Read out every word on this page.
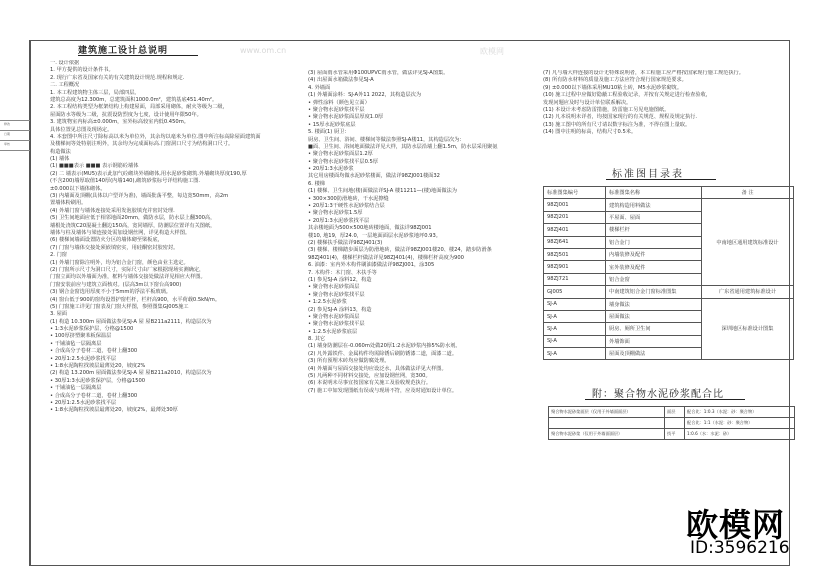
修改
日期
审核
建筑施工设计总说明	www.om.cn	欧模网
一. 设计依据
1. 甲方提供的设计条件书。
2. 现行广东省及国家有关的有关建筑设计规范.规程和规定.
二. 工程概况
1. 本工程建筑物主体三层，局部四层。
建筑总高度为12.300m，总建筑面积1000.0m²，建筑基底451.40m²。
2. 本工程结构类型为框架结构上构建屋面，局部采用砌体，耐火等级为二级，
屋面防水等级为二级，抗震设防烈度为七度，设计使用年限50年。
3. 建筑物室内标高±0.000m，室外标高较室内低0.450m。
具体位置见总图及现场定。
4. 本套图中所注尺寸除标高以米为单位外，其余均以毫米为单位.图中所注标高除屋面建筑面
及楼梯间等处特别注明外，其余均为完成面标高.门窗洞口尺寸为结构洞口尺寸。
构造做法
(1) 墙体
(1) ■■■表示 ■■■ 表示钢筋砼墙体
(2) 二 墙表示(MU5)表示此加气砼砌块外墙砌体,用水泥砂浆砌筑.外墙砌块厚度190,厚
(不含200)墙厚取值140厚(内墙140),砌筑砂浆标号详结构施工图.
±0.000以下墙体砌体。
(3) 内墙面及顶棚(具体以户型详为准)，墙面批荡平整，每边宽50mm，高2m
置墙体粉刷用。
(4) 外墙门窗与墙体连接处采用发泡胶填充并密封处理.
(5) 卫生间地面应低于相邻地面20mm，做防水层，防水层上翻300高，
墙根处浇筑C20混凝土翻边150高，宽同墙厚，防潮层位置详有关图纸，
墙体与柱及墙体与梁连接处需加设钢丝网，详见构造大样图。
(6) 楼梯间墙面设置防火分区的墙体砌至梁板底，
(7) 门窗与墙体交接处须嵌填密实，用硅酮密封胶密封。
2. 门窗
(1) 外墙门窗除注明外，均为铝合金门窗，颜色由业主选定。
(2) 门窗所示尺寸为洞口尺寸，实际尺寸由厂家根据现场实测确定，
门窗立面均以外墙面为准，框料与墙体交接处做法详见相应大样图。
门窗安装前应与建筑立面核对。(层高3m以下窗台高900)
(3) 钢合金窗选用厚度不小于5mm的浮法平板玻璃。
(4) 窗台低于900的窗均设置护窗栏杆，栏杆高900，水平荷载0.5kN/m。
(5) 门窗施工详见门窗表及门窗大样图，参照图集GJ005施工
3. 屋面
(1) 构造 10.300m 屋面做法参见SJ-A 屋 屋B211a2111，构造层次为
• 1:3水泥砂浆保护层，分格@1500
• 100厚挤塑聚苯板保温层
• 干铺油毡一层隔离层
• 合成高分子卷材二道，卷材上翻300
• 20厚1:2.5水泥砂浆找平层
• 1:8水泥陶粒找坡层最薄处20，坡度2%
(2) 构造 13.200m 屋面做法参见SJ-A 屋 屋B211a2010，构造层次为
• 30厚1:3水泥砂浆保护层，分格@1500
• 干铺油毡一层隔离层
• 合成高分子卷材二道，卷材上翻300
• 20厚1:2.5水泥砂浆找平层
• 1:8水泥陶粒找坡层最薄处20，坡度2%，最薄处30厚
(3) 屋面雨水管采用Φ100UPVC雨水管，做法详见SJ-A图集。
(4) 出屋面水箱做法参见SJ-A
4. 外墙面
(1) 外墙面涂料：SJ-A外11 2022，其构造层次为
• 弹性涂料（颜色见立面）
• 聚合物水泥砂浆找平层
• 聚合物水泥砂浆面层厚度1.0厚
• 15厚水泥砂浆底层
5. 楼面(1) 厨卫：
厨房、卫生间、浴间、楼梯间等做法参照SJ-A楼11，其构造层次为：
■面、卫生间、浴间地面做法详见大样，其防水层沿墙上翻1.5m，防水层采用聚氨
• 聚合物水泥砂浆面层1.2厚
• 聚合物水泥砂浆找平层0.5厚
• 20厚1:3水泥砂浆
其它用房楼面均做水泥砂浆楼面，做法详98ZJ001楼面32
6. 楼梯
(1) 楼梯、卫生间地(楼)面做法详SJ-A 楼11211—(楼)地面做法为
• 300×300防滑地砖，干水泥擦缝
• 20厚1:3干硬性水泥砂浆结合层
• 聚合物水泥砂浆1.5厚
• 20厚1:3水泥砂浆找平层
其余楼地面为500×500地砖楼地面，做法详98ZJ001
楼10, 地19，厚24.0，一层地面面层水泥砂浆地坪0.93。
(2) 楼梯扶手做法详98ZJ401(3)
(3) 楼梯、楼梯踏步面层为防滑地砖，做法详98ZJ001楼20、楼24，踏步防滑条
98ZJ401(4)，楼梯栏杆做法详见98ZJ401(4)，楼梯栏杆高度为900
6. 油漆：室内外木构件刷油漆做法详98ZJ001，涂305
7. 木构件：木门窗、木扶手等
(1) 参见SJ-A 涂料12，构造
• 聚合物水泥砂浆面层
• 聚合物水泥砂浆找平层
• 1:2.5水泥砂浆
(2) 参见SJ-A 涂料13，构造
• 聚合物水泥砂浆面层
• 聚合物水泥砂浆找平层
• 1:2.5水泥砂浆底层
8. 其它
(1) 墙身防潮层在-0.060m处做20厚1:2水泥砂浆内掺5%防水剂。
(2) 凡外露铁件、金属构件均需除锈后刷防锈漆二道，面漆二道。
(3) 所有预埋木砖均应做防腐处理。
(4) 外墙面与屋面交接处均应设泛水，具体做法详见大样图。
(5) 凡两种不同材料交接处，应加设钢丝网，宽300。
(6) 本说明未尽事宜按国家有关施工及验收规范执行。
(7) 施工中如发现图纸有误或与现场不符，应及时通知设计单位。
(7) 凡与墙大样连接的设计无特殊说明者，本工程施工应严格按国家现行施工规范执行。
(8) 所有防水材料的质量及施工方法应符合现行国家规范要求。
(9) ±0.000以下墙体采用MU10粘土砖，M5水泥砂浆砌筑。
(10) 施工过程中应做好隐蔽工程验收记录，并按有关规定进行检查验收，
发现问题应及时与设计单位联系解决。
(11) 本设计未考虑防雷措施，防雷施工另见电施图纸。
(12) 凡本说明未详者，均按国家现行的有关规范、规程及规定执行.
(13) 施工图中的所有尺寸请以数字标注为准，不得在图上量取。
(14) 图中注明的标高，结构尺寸0.5米。
标准图目录表
标准图集编号	标准图集名称	备 注
98ZJ001	建筑构造用料做法	中南地区通用建筑标准设计
98ZJ201	平屋面、屋面	
98ZJ401	楼梯栏杆	
98ZJ641	铝合金门	
98ZJ501	内墙装修及配件	
98ZJ901	室外装修及配件	
98ZJ721	铝合金窗	
GJ005	中南建筑铝合金门窗标准图集	广东省通用建筑标准设计
SJ-A	墙身做法	深圳地区标准设计图集
SJ-A	屋面做法	
SJ-A	厨房、厕所卫生间	
SJ-A	外墙饰面	
SJ-A	屋面及顶棚做法	
附：聚合物水泥砂浆配合比
聚合物水泥砂浆面层（仅用于外墙面面层）	面层	配合比：1:0.3（水泥：砂：聚合物）
		配合比：1:1（水泥：砂：聚合物）
聚合物水泥砂浆（仅用于外墙面面层）	找平	1:0.6（水：水泥：砂）
欧模网
ID:3596216
